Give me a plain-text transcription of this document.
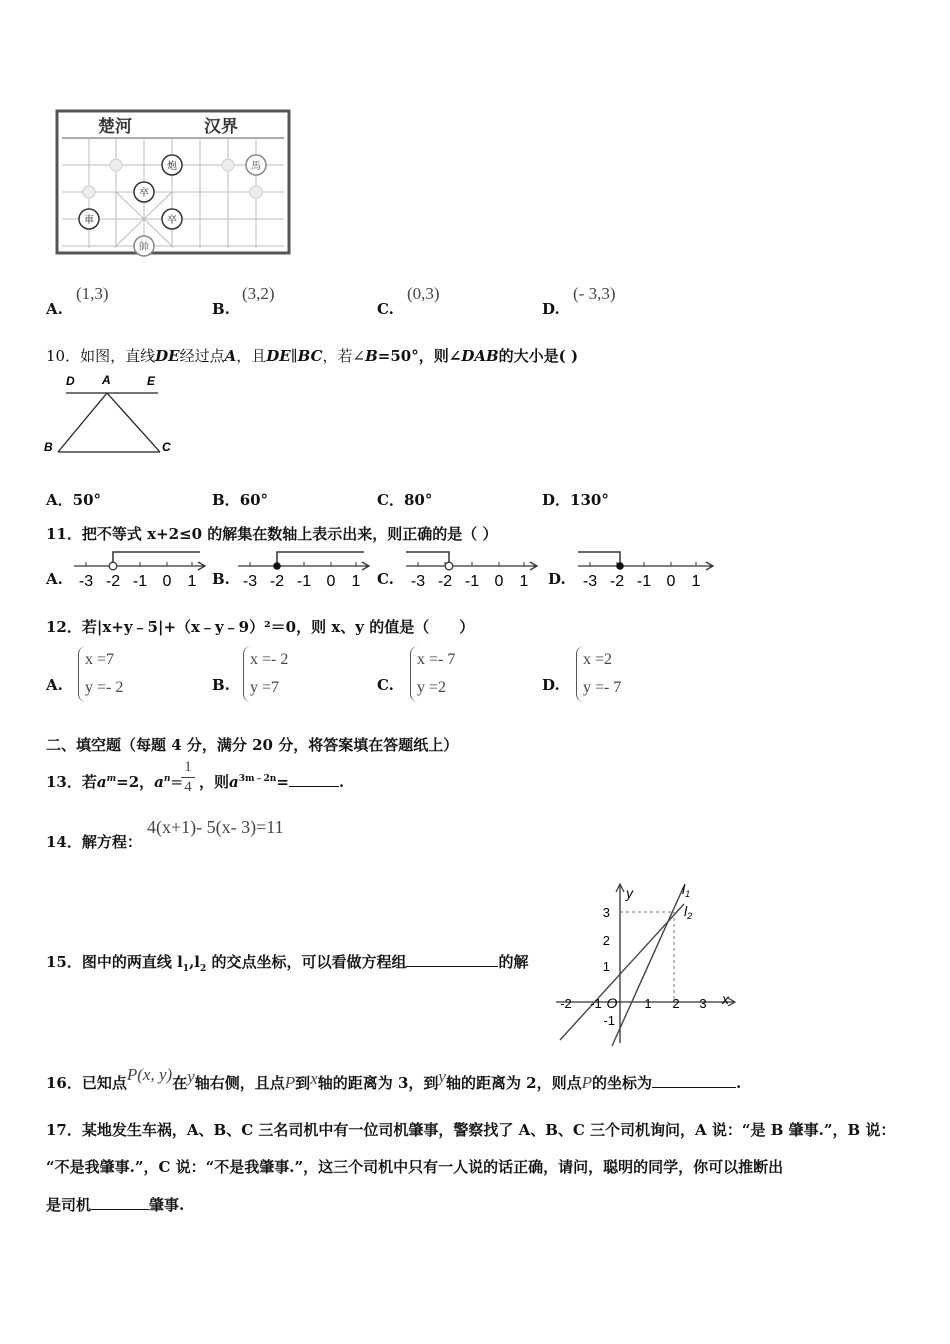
楚河	汉界
炮	馬
卒
車	卒
帥
A.
(1,3)
B.
(3,2)
C.
(0,3)
D.
(- 3,3)
10．如图，直线DE经过点A，且DE∥BC，若∠B=50°，则∠DAB的大小是( )
D A	E
B	C
A．50°	B．60°	C．80°	D．130°
11．把不等式 x+2≤0 的解集在数轴上表示出来，则正确的是（ ）
A. -3 -2 -1 0 1 B. -3 -2 -1 0 1 C. -3 -2 -1 0 1 D. -3 -2 -1 0 1
12．若|x+y﹣5|+（x﹣y﹣9）²＝0，则 x、y 的值是（　　）
A.
x =7
y =- 2	B.
x =- 2
y =7	C.
x =- 7
y =2	D.
x =2
y =- 7
二、填空题（每题 4 分，满分 20 分，将答案填在答题纸上）
13．若$a^m=2$，$a^n=$
1
4 ，则$a^{3m﹣2n}=$	.
14．解方程：
4(x+1)- 5(x- 3)=11
15．图中的两直线 $l_1,l_2$ 的交点坐标，可以看做方程组	的解
y
x
$l_1$
$l_2$
3
2
1
-1
-2 -1 O 1 2 3
16．已知点P(x, y)在y轴右侧，且点P到x轴的距离为 3，到y轴的距离为 2，则点P的坐标为	.
17．某地发生车祸，A、B、C 三名司机中有一位司机肇事，警察找了 A、B、C 三个司机询问，A 说：“是 B 肇事.”，B 说：
“不是我肇事.”，C 说：“不是我肇事.”，这三个司机中只有一人说的话正确，请问，聪明的同学，你可以推断出
是司机	肇事.
